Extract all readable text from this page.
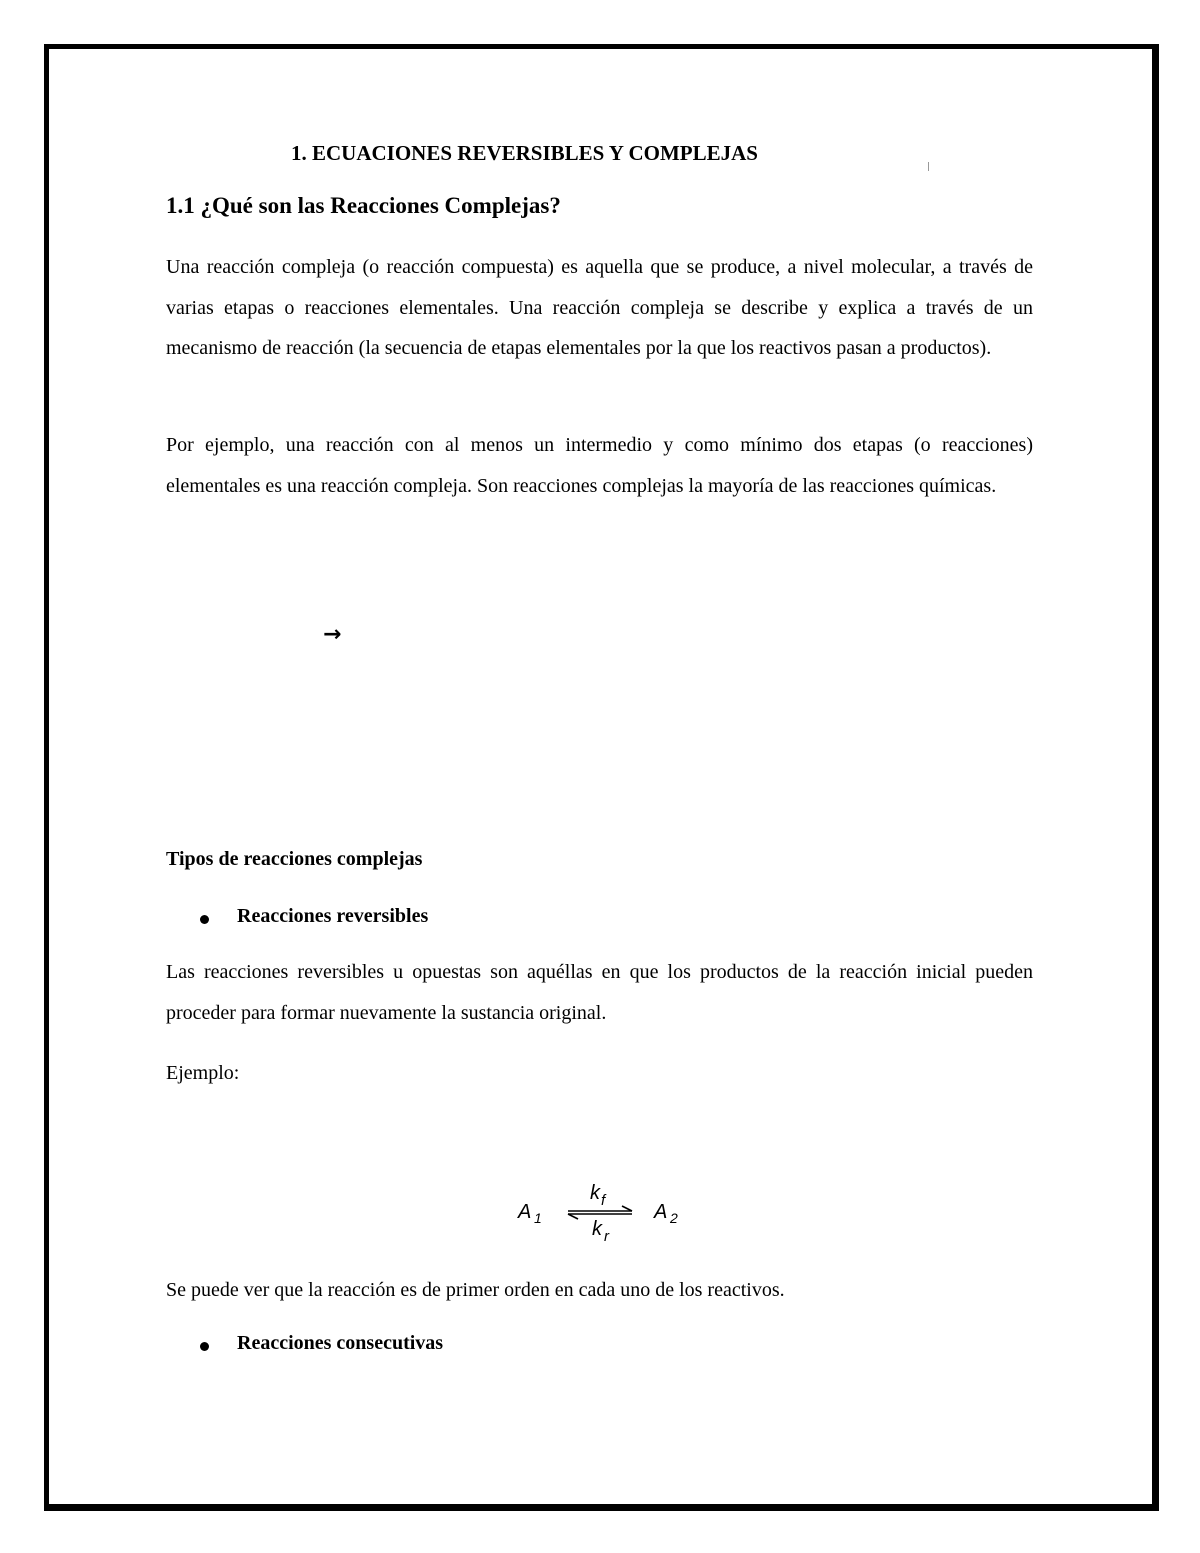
1. ECUACIONES REVERSIBLES Y COMPLEJAS
1.1 ¿Qué son las Reacciones Complejas?

Una reacción compleja (o reacción compuesta) es aquella que se produce, a nivel molecular, a través de varias etapas o reacciones elementales. Una reacción compleja se describe y explica a través de un mecanismo de reacción (la secuencia de etapas elementales por la que los reactivos pasan a productos).

Por ejemplo, una reacción con al menos un intermedio y como mínimo dos etapas (o reacciones) elementales es una reacción compleja. Son reacciones complejas la mayoría de las reacciones químicas.

→
Tipos de reacciones complejas
Reacciones reversibles

Las reacciones reversibles u opuestas son aquéllas en que los productos de la reacción inicial pueden proceder para formar nuevamente la sustancia original.

Ejemplo:

A 1
k f
k r
A 2

Se puede ver que la reacción es de primer orden en cada uno de los reactivos.

Reacciones consecutivas
